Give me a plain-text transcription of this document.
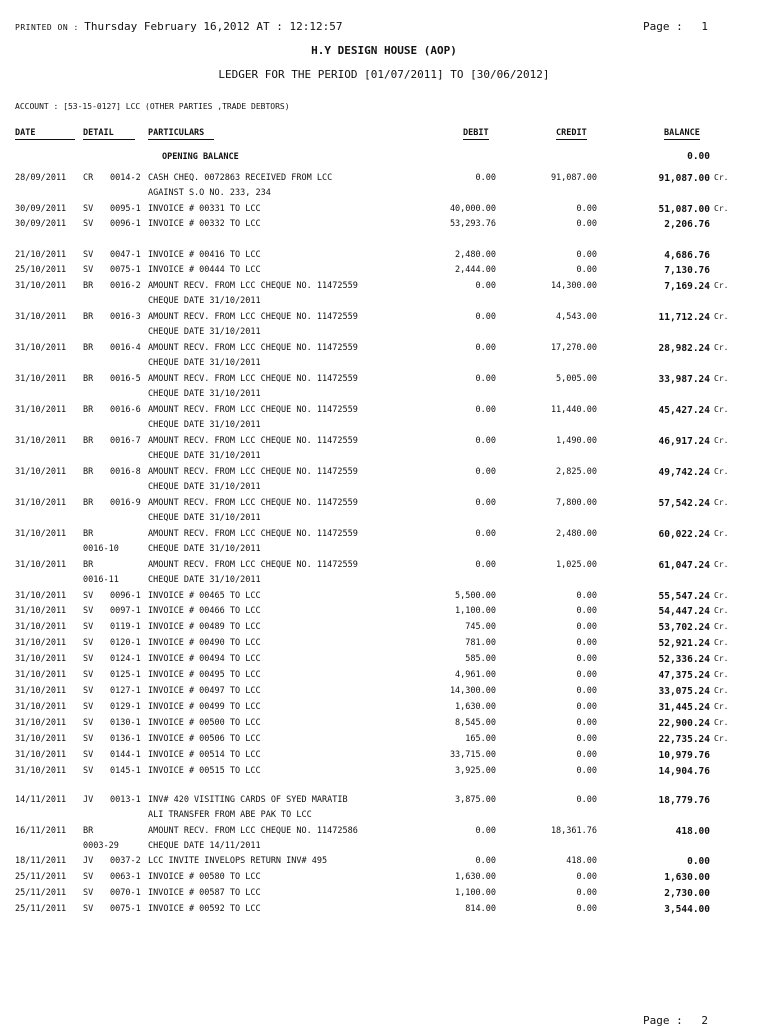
PRINTED ON : Thursday February 16,2012 AT : 12:12:57	Page : 1
H.Y DESIGN HOUSE (AOP)
LEDGER FOR THE PERIOD [01/07/2011] TO [30/06/2012]
ACCOUNT : [53-15-0127] LCC (OTHER PARTIES ,TRADE DEBTORS)
DATE	DETAIL	PARTICULARS	DEBIT	CREDIT	BALANCE
OPENING BALANCE	0.00
28/09/2011 CR 0014-2 CASH CHEQ. 0072863 RECEIVED FROM LCC
AGAINST S.O NO. 233, 234
0.00	91,087.00	91,087.00 Cr.
30/09/2011 SV 0095-1 INVOICE # 00331 TO LCC	40,000.00	0.00	51,087.00 Cr.
30/09/2011 SV 0096-1 INVOICE # 00332 TO LCC	53,293.76	0.00	2,206.76
21/10/2011 SV 0047-1 INVOICE # 00416 TO LCC	2,480.00	0.00	4,686.76
25/10/2011 SV 0075-1 INVOICE # 00444 TO LCC	2,444.00	0.00	7,130.76
31/10/2011 BR 0016-2 AMOUNT RECV. FROM LCC CHEQUE NO. 11472559
CHEQUE DATE 31/10/2011
0.00	14,300.00	7,169.24 Cr.
31/10/2011 BR 0016-3 AMOUNT RECV. FROM LCC CHEQUE NO. 11472559
CHEQUE DATE 31/10/2011
0.00	4,543.00	11,712.24 Cr.
31/10/2011 BR 0016-4 AMOUNT RECV. FROM LCC CHEQUE NO. 11472559
CHEQUE DATE 31/10/2011
0.00	17,270.00	28,982.24 Cr.
31/10/2011 BR 0016-5 AMOUNT RECV. FROM LCC CHEQUE NO. 11472559
CHEQUE DATE 31/10/2011
0.00	5,005.00	33,987.24 Cr.
31/10/2011 BR 0016-6 AMOUNT RECV. FROM LCC CHEQUE NO. 11472559
CHEQUE DATE 31/10/2011
0.00	11,440.00	45,427.24 Cr.
31/10/2011 BR 0016-7 AMOUNT RECV. FROM LCC CHEQUE NO. 11472559
CHEQUE DATE 31/10/2011
0.00	1,490.00	46,917.24 Cr.
31/10/2011 BR 0016-8 AMOUNT RECV. FROM LCC CHEQUE NO. 11472559
CHEQUE DATE 31/10/2011
0.00	2,825.00	49,742.24 Cr.
31/10/2011 BR 0016-9 AMOUNT RECV. FROM LCC CHEQUE NO. 11472559
CHEQUE DATE 31/10/2011
0.00	7,800.00	57,542.24 Cr.
31/10/2011 BR
0016-10
AMOUNT RECV. FROM LCC CHEQUE NO. 11472559
CHEQUE DATE 31/10/2011
0.00	2,480.00	60,022.24 Cr.
31/10/2011 BR
0016-11
AMOUNT RECV. FROM LCC CHEQUE NO. 11472559
CHEQUE DATE 31/10/2011
0.00	1,025.00	61,047.24 Cr.
31/10/2011 SV 0096-1 INVOICE # 00465 TO LCC	5,500.00	0.00	55,547.24 Cr.
31/10/2011 SV 0097-1 INVOICE # 00466 TO LCC	1,100.00	0.00	54,447.24 Cr.
31/10/2011 SV 0119-1 INVOICE # 00489 TO LCC	745.00	0.00	53,702.24 Cr.
31/10/2011 SV 0120-1 INVOICE # 00490 TO LCC	781.00	0.00	52,921.24 Cr.
31/10/2011 SV 0124-1 INVOICE # 00494 TO LCC	585.00	0.00	52,336.24 Cr.
31/10/2011 SV 0125-1 INVOICE # 00495 TO LCC	4,961.00	0.00	47,375.24 Cr.
31/10/2011 SV 0127-1 INVOICE # 00497 TO LCC	14,300.00	0.00	33,075.24 Cr.
31/10/2011 SV 0129-1 INVOICE # 00499 TO LCC	1,630.00	0.00	31,445.24 Cr.
31/10/2011 SV 0130-1 INVOICE # 00500 TO LCC	8,545.00	0.00	22,900.24 Cr.
31/10/2011 SV 0136-1 INVOICE # 00506 TO LCC	165.00	0.00	22,735.24 Cr.
31/10/2011 SV 0144-1 INVOICE # 00514 TO LCC	33,715.00	0.00	10,979.76
31/10/2011 SV 0145-1 INVOICE # 00515 TO LCC	3,925.00	0.00	14,904.76
14/11/2011 JV 0013-1 INV# 420 VISITING CARDS OF SYED MARATIB
ALI TRANSFER FROM ABE PAK TO LCC
3,875.00	0.00	18,779.76
16/11/2011 BR
0003-29
AMOUNT RECV. FROM LCC CHEQUE NO. 11472586
CHEQUE DATE 14/11/2011
0.00	18,361.76	418.00
18/11/2011 JV 0037-2 LCC INVITE INVELOPS RETURN INV# 495	0.00	418.00	0.00
25/11/2011 SV 0063-1 INVOICE # 00580 TO LCC	1,630.00	0.00	1,630.00
25/11/2011 SV 0070-1 INVOICE # 00587 TO LCC	1,100.00	0.00	2,730.00
25/11/2011 SV 0075-1 INVOICE # 00592 TO LCC	814.00	0.00	3,544.00
Page : 2
